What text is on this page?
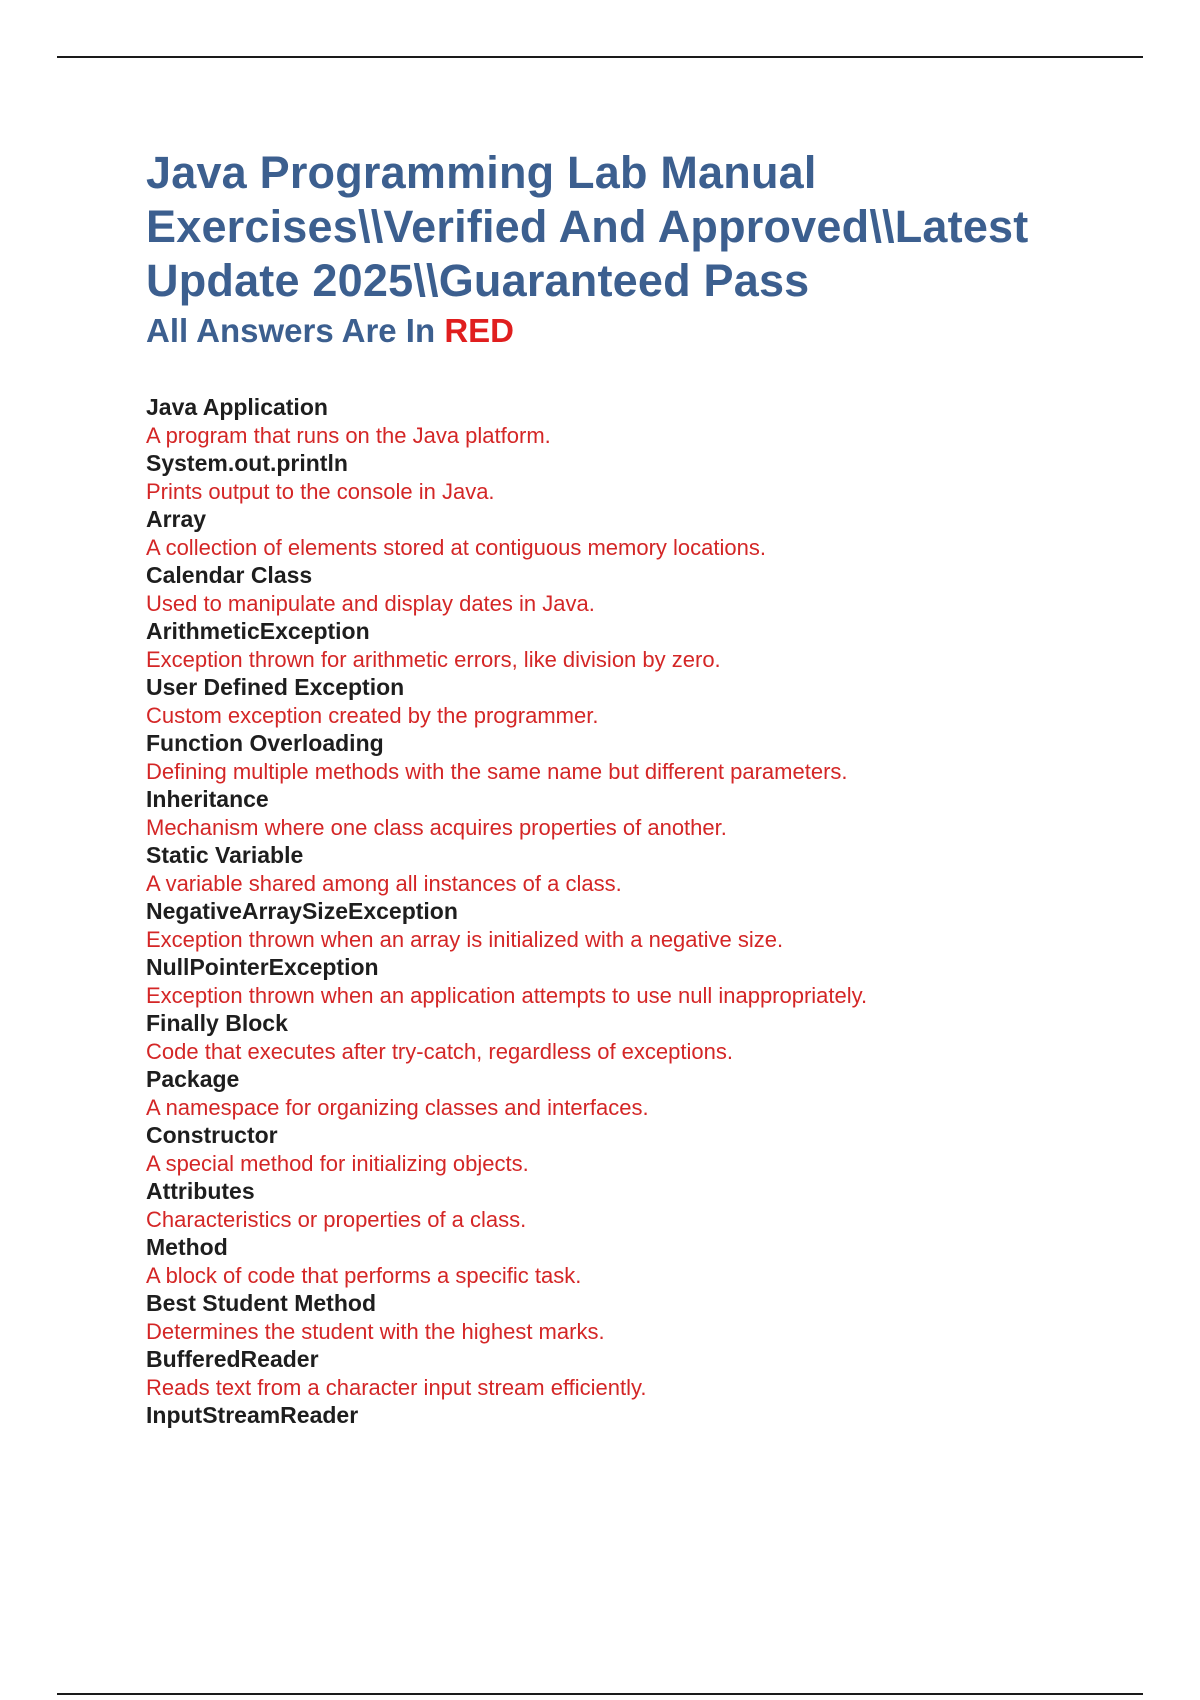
Java Programming Lab Manual Exercises\\Verified And Approved\\Latest Update 2025\\Guaranteed Pass
All Answers Are In RED
Java Application
A program that runs on the Java platform.
System.out.println
Prints output to the console in Java.
Array
A collection of elements stored at contiguous memory locations.
Calendar Class
Used to manipulate and display dates in Java.
ArithmeticException
Exception thrown for arithmetic errors, like division by zero.
User Defined Exception
Custom exception created by the programmer.
Function Overloading
Defining multiple methods with the same name but different parameters.
Inheritance
Mechanism where one class acquires properties of another.
Static Variable
A variable shared among all instances of a class.
NegativeArraySizeException
Exception thrown when an array is initialized with a negative size.
NullPointerException
Exception thrown when an application attempts to use null inappropriately.
Finally Block
Code that executes after try-catch, regardless of exceptions.
Package
A namespace for organizing classes and interfaces.
Constructor
A special method for initializing objects.
Attributes
Characteristics or properties of a class.
Method
A block of code that performs a specific task.
Best Student Method
Determines the student with the highest marks.
BufferedReader
Reads text from a character input stream efficiently.
InputStreamReader
